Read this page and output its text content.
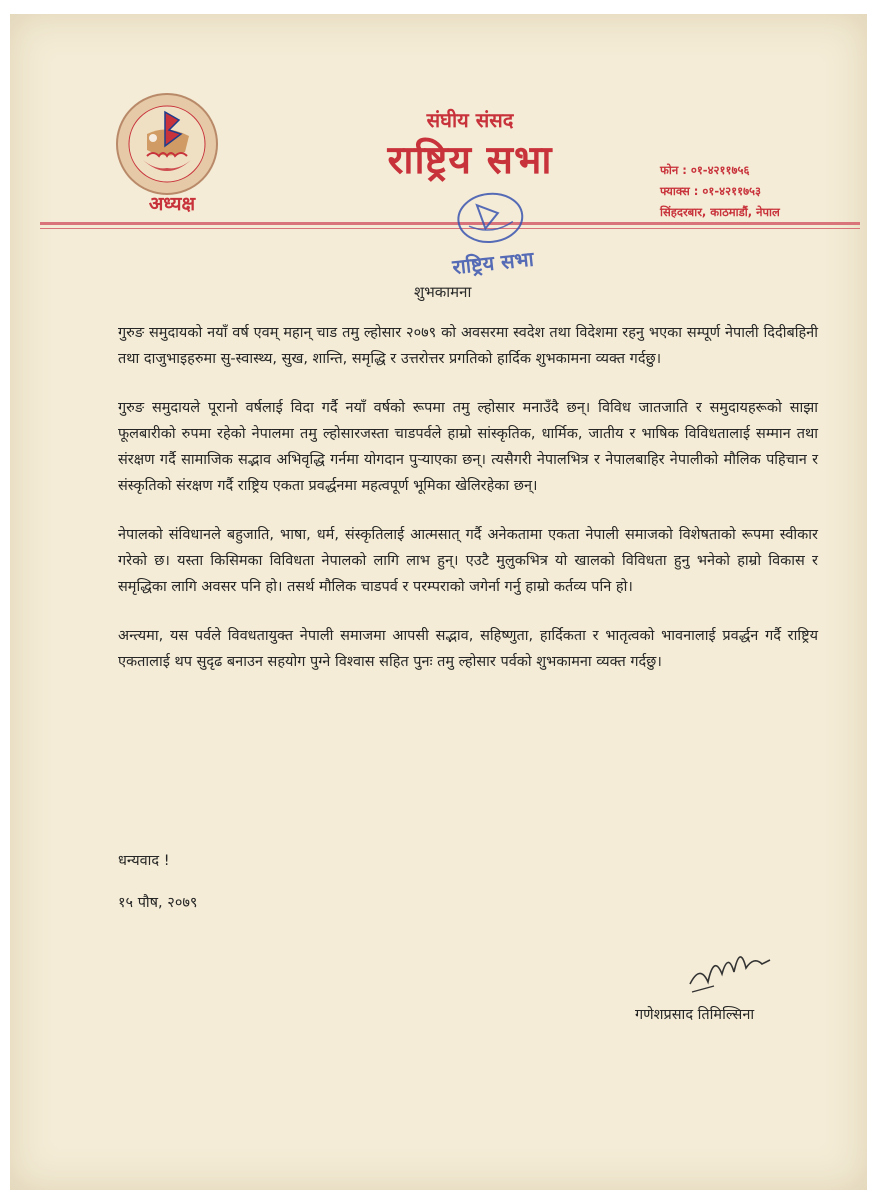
अध्यक्ष
संघीय संसद
राष्ट्रिय सभा	फोन : ०१-४२११७५६
फ्याक्स : ०१-४२११७५३
सिंहदरबार, काठमाडौं, नेपाल
राष्ट्रिय सभा
शुभकामना

गुरुङ समुदायको नयाँ वर्ष एवम् महान् चाड तमु ल्होसार २०७९ को अवसरमा स्वदेश तथा विदेशमा रहनु भएका सम्पूर्ण नेपाली दिदीबहिनी तथा दाजुभाइहरुमा सु-स्वास्थ्य, सुख, शान्ति, समृद्धि र उत्तरोत्तर प्रगतिको हार्दिक शुभकामना व्यक्त गर्दछु।

गुरुङ समुदायले पूरानो वर्षलाई विदा गर्दै नयाँ वर्षको रूपमा तमु ल्होसार मनाउँदै छन्। विविध जातजाति र समुदायहरूको साझा फूलबारीको रुपमा रहेको नेपालमा तमु ल्होसारजस्ता चाडपर्वले हाम्रो सांस्कृतिक, धार्मिक, जातीय र भाषिक विविधतालाई सम्मान तथा संरक्षण गर्दै सामाजिक सद्भाव अभिवृद्धि गर्नमा योगदान पुऱ्याएका छन्। त्यसैगरी नेपालभित्र र नेपालबाहिर नेपालीको मौलिक पहिचान र संस्कृतिको संरक्षण गर्दै राष्ट्रिय एकता प्रवर्द्धनमा महत्वपूर्ण भूमिका खेलिरहेका छन्।

नेपालको संविधानले बहुजाति, भाषा, धर्म, संस्कृतिलाई आत्मसात् गर्दै अनेकतामा एकता नेपाली समाजको विशेषताको रूपमा स्वीकार गरेको छ। यस्ता किसिमका विविधता नेपालको लागि लाभ हुन्। एउटै मुलुकभित्र यो खालको विविधता हुनु भनेको हाम्रो विकास र समृद्धिका लागि अवसर पनि हो। तसर्थ मौलिक चाडपर्व र परम्पराको जगेर्ना गर्नु हाम्रो कर्तव्य पनि हो।

अन्त्यमा, यस पर्वले विवधतायुक्त नेपाली समाजमा आपसी सद्भाव, सहिष्णुता, हार्दिकता र भातृत्वको भावनालाई प्रवर्द्धन गर्दै राष्ट्रिय एकतालाई थप सुदृढ बनाउन सहयोग पुग्ने विश्वास सहित पुनः तमु ल्होसार पर्वको शुभकामना व्यक्त गर्दछु।

धन्यवाद !
१५ पौष, २०७९
गणेशप्रसाद तिमिल्सिना
